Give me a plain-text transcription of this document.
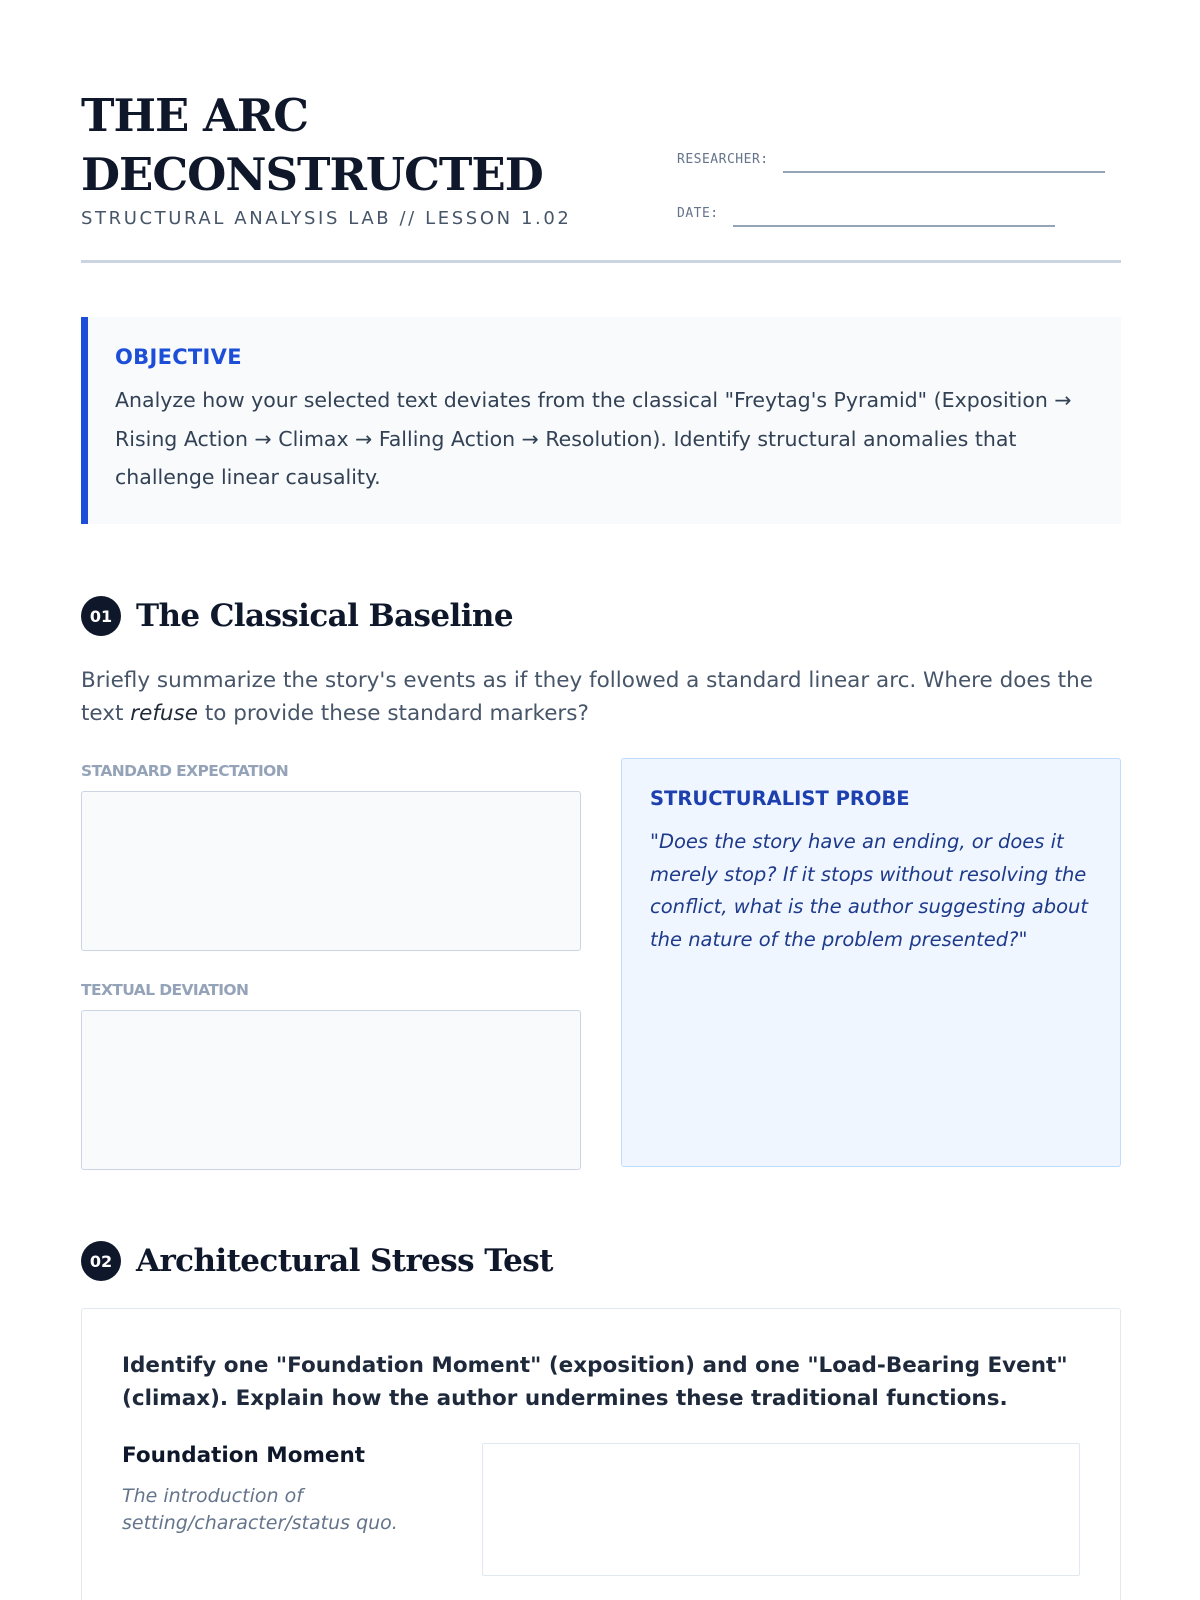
THE ARC
DECONSTRUCTED
STRUCTURAL ANALYSIS LAB // LESSON 1.02
RESEARCHER:
DATE:
OBJECTIVE
Analyze how your selected text deviates from the classical "Freytag's Pyramid" (Exposition → Rising Action → Climax → Falling Action → Resolution). Identify structural anomalies that challenge linear causality.
01 The Classical Baseline
Briefly summarize the story's events as if they followed a standard linear arc. Where does the text refuse to provide these standard markers?
STANDARD EXPECTATION
TEXTUAL DEVIATION
STRUCTURALIST PROBE
"Does the story have an ending, or does it merely stop? If it stops without resolving the conflict, what is the author suggesting about the nature of the problem presented?"
02 Architectural Stress Test
Identify one "Foundation Moment" (exposition) and one "Load-Bearing Event" (climax). Explain how the author undermines these traditional functions.
Foundation Moment
The introduction of setting/character/status quo.
